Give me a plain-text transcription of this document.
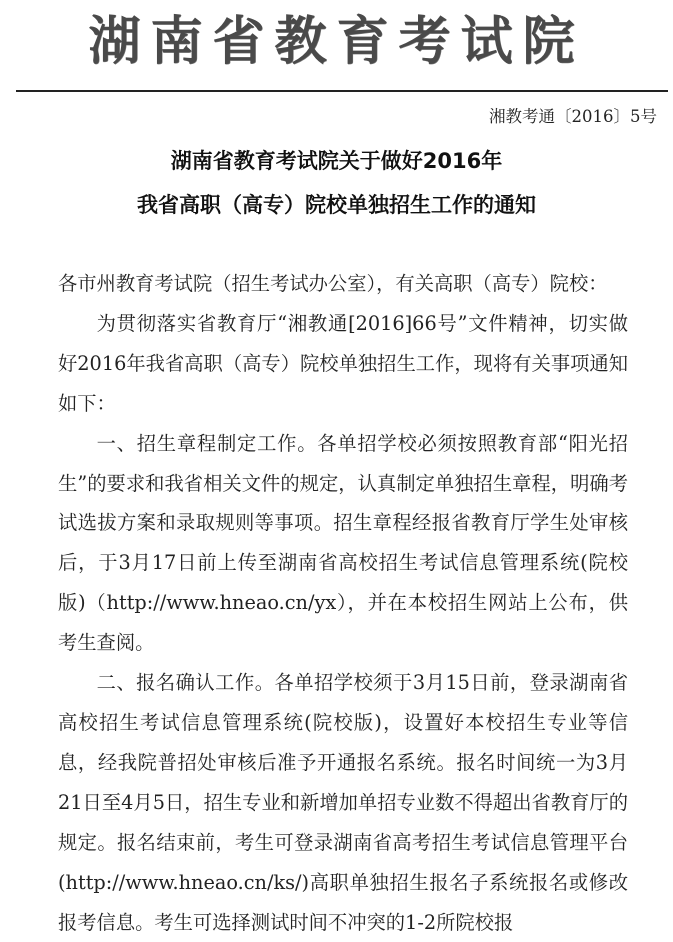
湖南省教育考试院
湘教考通〔2016〕5号
湖南省教育考试院关于做好2016年
我省高职（高专）院校单独招生工作的通知

各市州教育考试院（招生考试办公室），有关高职（高专）院校：

为贯彻落实省教育厅“湘教通[2016]66号”文件精神，切实做好2016年我省高职（高专）院校单独招生工作，现将有关事项通知如下：

一、招生章程制定工作。各单招学校必须按照教育部“阳光招生”的要求和我省相关文件的规定，认真制定单独招生章程，明确考试选拔方案和录取规则等事项。招生章程经报省教育厅学生处审核后，于3月17日前上传至湖南省高校招生考试信息管理系统(院校版)（http://www.hneao.cn/yx），并在本校招生网站上公布，供考生查阅。

二、报名确认工作。各单招学校须于3月15日前，登录湖南省高校招生考试信息管理系统(院校版)，设置好本校招生专业等信息，经我院普招处审核后准予开通报名系统。报名时间统一为3月21日至4月5日，招生专业和新增加单招专业数不得超出省教育厅的规定。报名结束前，考生可登录湖南省高考招生考试信息管理平台(http://www.hneao.cn/ks/)高职单独招生报名子系统报名或修改报考信息。考生可选择测试时间不冲突的1-2所院校报
